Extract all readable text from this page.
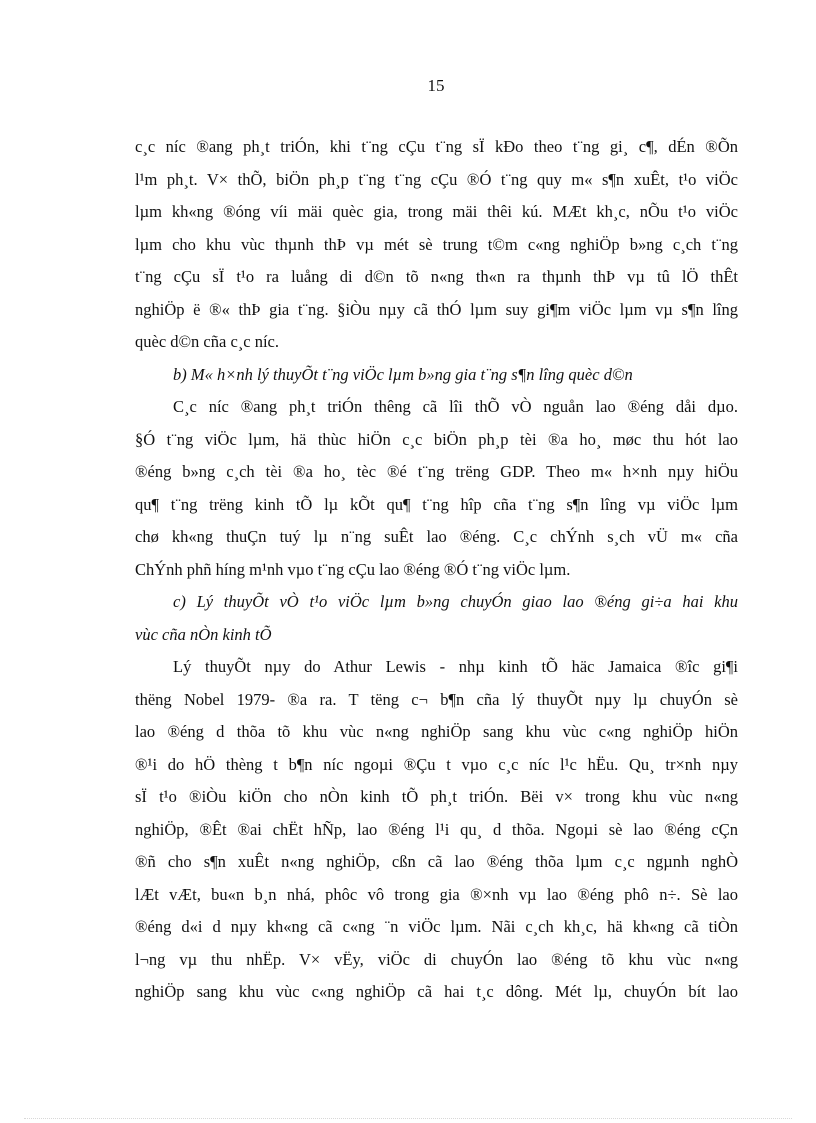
15
c¸c níc ®ang ph¸t triÓn, khi t¨ng cÇu t¨ng sÏ kÐo theo t¨ng gi¸ c¶, dÉn ®Õn
l¹m ph¸t. V× thÕ, biÖn ph¸p t¨ng t¨ng cÇu ®Ó t¨ng quy m« s¶n xuÊt, t¹o viÖc
lµm kh«ng ®óng víi mäi quèc gia, trong mäi thêi kú. MÆt kh¸c, nÕu t¹o viÖc
lµm cho khu vùc thµnh thÞ vµ mét sè trung t©m c«ng nghiÖp b»ng c¸ch t¨ng
t¨ng cÇu sÏ t¹o ra luång di d©n tõ n«ng th«n ra thµnh thÞ vµ tû lÖ thÊt
nghiÖp ë ®« thÞ gia t¨ng. §iÒu nµy cã thÓ lµm suy gi¶m viÖc lµm vµ s¶n lîng
quèc d©n cña c¸c níc.
b) M« h×nh lý thuyÕt t¨ng viÖc lµm b»ng gia t¨ng s¶n lîng quèc d©n
C¸c níc ®ang ph¸t triÓn thêng cã lîi thÕ vÒ nguån lao ®éng dåi dµo.
§Ó t¨ng viÖc lµm, hä thùc hiÖn c¸c biÖn ph¸p tèi ®a ho¸ møc thu hót lao
®éng b»ng c¸ch tèi ®a ho¸ tèc ®é t¨ng trëng GDP. Theo m« h×nh nµy hiÖu
qu¶ t¨ng trëng kinh tÕ lµ kÕt qu¶ t¨ng hîp cña t¨ng s¶n lîng vµ viÖc lµm
chø kh«ng thuÇn tuý lµ n¨ng suÊt lao ®éng. C¸c chÝnh s¸ch vÜ m« cña
ChÝnh phñ híng m¹nh vµo t¨ng cÇu lao ®éng ®Ó t¨ng viÖc lµm.
c) Lý thuyÕt vÒ t¹o viÖc lµm b»ng chuyÓn giao lao ®éng gi÷a hai khu
vùc cña nÒn kinh tÕ
Lý thuyÕt nµy do Athur Lewis - nhµ kinh tÕ häc Jamaica ®îc gi¶i
thëng Nobel 1979- ®a ra. T tëng c¬ b¶n cña lý thuyÕt nµy lµ chuyÓn sè
lao ®éng d thõa tõ khu vùc n«ng nghiÖp sang khu vùc c«ng nghiÖp hiÖn
®¹i do hÖ thèng t b¶n níc ngoµi ®Çu t vµo c¸c níc l¹c hËu. Qu¸ tr×nh nµy
sÏ t¹o ®iÒu kiÖn cho nÒn kinh tÕ ph¸t triÓn. Bëi v× trong khu vùc n«ng
nghiÖp, ®Êt ®ai chËt hÑp, lao ®éng l¹i qu¸ d thõa. Ngoµi sè lao ®éng cÇn
®ñ cho s¶n xuÊt n«ng nghiÖp, cßn cã lao ®éng thõa lµm c¸c ngµnh nghÒ
lÆt vÆt, bu«n b¸n nhá, phôc vô trong gia ®×nh vµ lao ®éng phô n÷. Sè lao
®éng d«i d nµy kh«ng cã c«ng ¨n viÖc lµm. Nãi c¸ch kh¸c, hä kh«ng cã tiÒn
l¬ng vµ thu nhËp. V× vËy, viÖc di chuyÓn lao ®éng tõ khu vùc n«ng
nghiÖp sang khu vùc c«ng nghiÖp cã hai t¸c dông. Mét lµ, chuyÓn bít lao
